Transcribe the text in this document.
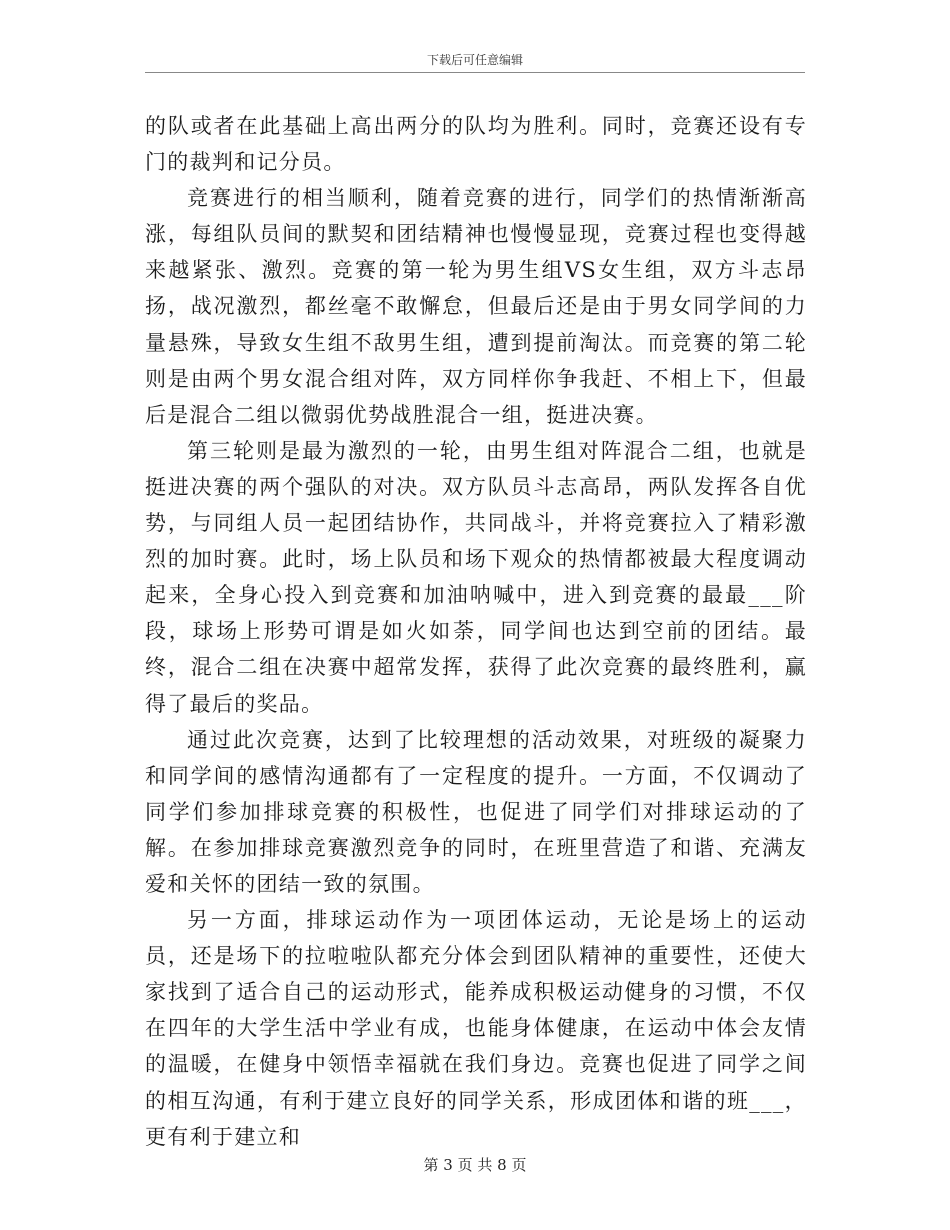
下载后可任意编辑

的队或者在此基础上高出两分的队均为胜利。同时，竞赛还设有专门的裁判和记分员。

竞赛进行的相当顺利，随着竞赛的进行，同学们的热情渐渐高涨，每组队员间的默契和团结精神也慢慢显现，竞赛过程也变得越来越紧张、激烈。竞赛的第一轮为男生组VS女生组，双方斗志昂扬，战况激烈，都丝毫不敢懈怠，但最后还是由于男女同学间的力量悬殊，导致女生组不敌男生组，遭到提前淘汰。而竞赛的第二轮则是由两个男女混合组对阵，双方同样你争我赶、不相上下，但最后是混合二组以微弱优势战胜混合一组，挺进决赛。

第三轮则是最为激烈的一轮，由男生组对阵混合二组，也就是挺进决赛的两个强队的对决。双方队员斗志高昂，两队发挥各自优势，与同组人员一起团结协作，共同战斗，并将竞赛拉入了精彩激烈的加时赛。此时，场上队员和场下观众的热情都被最大程度调动起来，全身心投入到竞赛和加油呐喊中，进入到竞赛的最最___阶段，球场上形势可谓是如火如荼，同学间也达到空前的团结。最终，混合二组在决赛中超常发挥，获得了此次竞赛的最终胜利，赢得了最后的奖品。

通过此次竞赛，达到了比较理想的活动效果，对班级的凝聚力和同学间的感情沟通都有了一定程度的提升。一方面，不仅调动了同学们参加排球竞赛的积极性，也促进了同学们对排球运动的了解。在参加排球竞赛激烈竞争的同时，在班里营造了和谐、充满友爱和关怀的团结一致的氛围。

另一方面，排球运动作为一项团体运动，无论是场上的运动员，还是场下的拉啦啦队都充分体会到团队精神的重要性，还使大家找到了适合自己的运动形式，能养成积极运动健身的习惯，不仅在四年的大学生活中学业有成，也能身体健康，在运动中体会友情的温暖，在健身中领悟幸福就在我们身边。竞赛也促进了同学之间的相互沟通，有利于建立良好的同学关系，形成团体和谐的班___，更有利于建立和

第 3 页 共 8 页
